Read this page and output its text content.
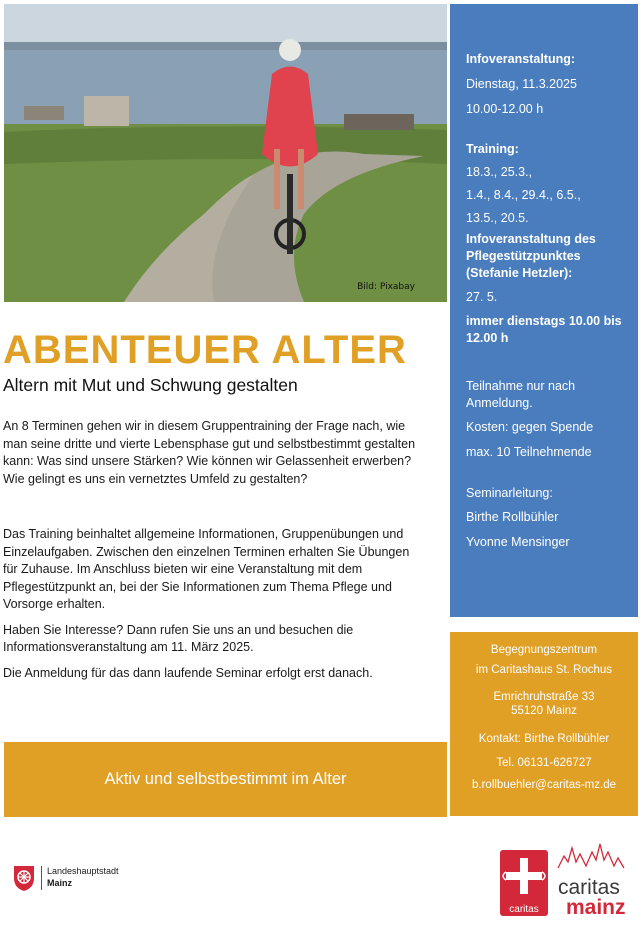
Bild: Pixabay

Infoveranstaltung:

Dienstag, 11.3.2025

10.00-12.00 h

Training:

18.3., 25.3.,

1.4., 8.4., 29.4., 6.5.,

13.5., 20.5.

Infoveranstaltung des Pflegestützpunktes (Stefanie Hetzler):

27. 5.

immer dienstags 10.00 bis 12.00 h

Teilnahme nur nach Anmeldung.

Kosten: gegen Spende

max. 10 Teilnehmende

Seminarleitung:

Birthe Rollbühler

Yvonne Mensinger

Begegnungszentrum

im Caritashaus St. Rochus

Emrichruhstraße 33

55120 Mainz

Kontakt: Birthe Rollbühler

Tel. 06131-626727

b.rollbuehler@caritas-mz.de

ABENTEUER ALTER
Altern mit Mut und Schwung gestalten

An 8 Terminen gehen wir in diesem Gruppentraining der Frage nach, wie man seine dritte und vierte Lebensphase gut und selbstbestimmt gestalten kann: Was sind unsere Stärken? Wie können wir Gelassenheit erwerben? Wie gelingt es uns ein vernetztes Umfeld zu gestalten?

Das Training beinhaltet allgemeine Informationen, Gruppenübungen und Einzelaufgaben. Zwischen den einzelnen Terminen erhalten Sie Übungen für Zuhause. Im Anschluss bieten wir eine Veranstaltung mit dem Pflegestützpunkt an, bei der Sie Informationen zum Thema Pflege und Vorsorge erhalten.

Haben Sie Interesse? Dann rufen Sie uns an und besuchen die Informationsveranstaltung am 11. März 2025.

Die Anmeldung für das dann laufende Seminar erfolgt erst danach.

Aktiv und selbstbestimmt im Alter
Landeshauptstadt
Mainz
caritas
caritas
mainz
